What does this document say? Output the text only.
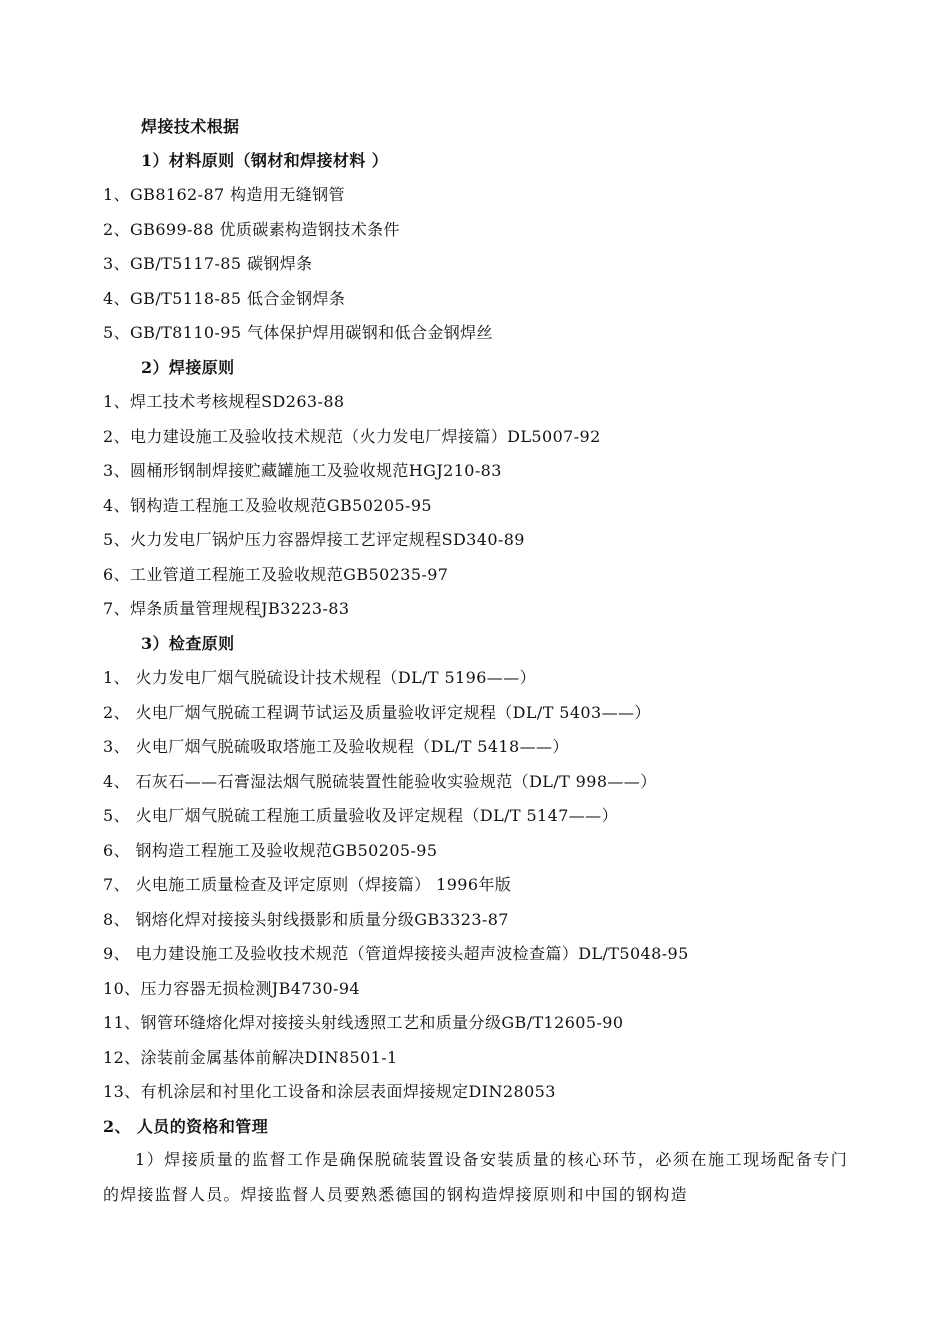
焊接技术根据
1）材料原则（钢材和焊接材料 ）
1、GB8162-87 构造用无缝钢管
2、GB699-88 优质碳素构造钢技术条件
3、GB/T5117-85 碳钢焊条
4、GB/T5118-85 低合金钢焊条
5、GB/T8110-95 气体保护焊用碳钢和低合金钢焊丝
2）焊接原则
1、焊工技术考核规程SD263-88
2、电力建设施工及验收技术规范（火力发电厂焊接篇）DL5007-92
3、圆桶形钢制焊接贮藏罐施工及验收规范HGJ210-83
4、钢构造工程施工及验收规范GB50205-95
5、火力发电厂锅炉压力容器焊接工艺评定规程SD340-89
6、工业管道工程施工及验收规范GB50235-97
7、焊条质量管理规程JB3223-83
3）检查原则
1、 火力发电厂烟气脱硫设计技术规程（DL/T 5196——）
2、 火电厂烟气脱硫工程调节试运及质量验收评定规程（DL/T 5403——）
3、 火电厂烟气脱硫吸取塔施工及验收规程（DL/T 5418——）
4、 石灰石——石膏湿法烟气脱硫装置性能验收实验规范（DL/T 998——）
5、 火电厂烟气脱硫工程施工质量验收及评定规程（DL/T 5147——）
6、 钢构造工程施工及验收规范GB50205-95
7、 火电施工质量检查及评定原则（焊接篇） 1996年版
8、 钢熔化焊对接接头射线摄影和质量分级GB3323-87
9、 电力建设施工及验收技术规范（管道焊接接头超声波检查篇）DL/T5048-95
10、压力容器无损检测JB4730-94
11、钢管环缝熔化焊对接接头射线透照工艺和质量分级GB/T12605-90
12、涂装前金属基体前解决DIN8501-1
13、有机涂层和衬里化工设备和涂层表面焊接规定DIN28053
2、 人员的资格和管理
1）焊接质量的监督工作是确保脱硫装置设备安装质量的核心环节，必须在施工现场配备专门的焊接监督人员。焊接监督人员要熟悉德国的钢构造焊接原则和中国的钢构造
